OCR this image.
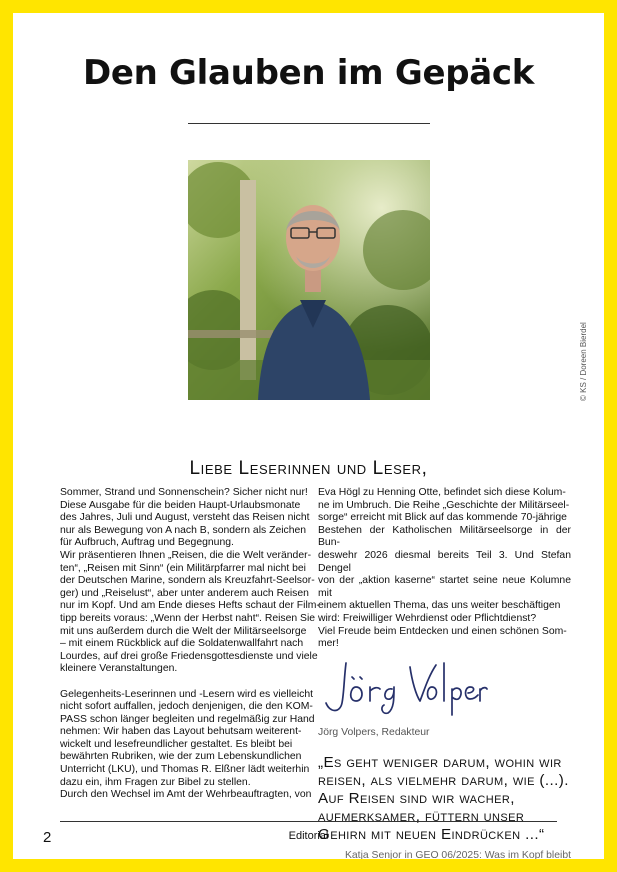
Den Glauben im Gepäck
© KS / Doreen Bierdel
Liebe Leserinnen und Leser,

Sommer, Strand und Sonnenschein? Sicher nicht nur!
Diese Ausgabe für die beiden Haupt-Urlaubsmonate
des Jahres, Juli und August, versteht das Reisen nicht
nur als Bewegung von A nach B, sondern als Zeichen
für Aufbruch, Auftrag und Begegnung.

Wir präsentieren Ihnen „Reisen, die die Welt veränder-
ten“, „Reisen mit Sinn“ (ein Militärpfarrer mal nicht bei
der Deutschen Marine, sondern als Kreuzfahrt-Seelsor-
ger) und „Reiselust“, aber unter anderem auch Reisen
nur im Kopf. Und am Ende dieses Hefts schaut der Film-
tipp bereits voraus: „Wenn der Herbst naht“. Reisen Sie
mit uns außerdem durch die Welt der Militärseelsorge
– mit einem Rückblick auf die Soldatenwallfahrt nach
Lourdes, auf drei große Friedensgottesdienste und viele
kleinere Veranstaltungen.

Gelegenheits-Leserinnen und -Lesern wird es vielleicht
nicht sofort auffallen, jedoch denjenigen, die den KOM-
PASS schon länger begleiten und regelmäßig zur Hand
nehmen: Wir haben das Layout behutsam weiterent-
wickelt und lesefreundlicher gestaltet. Es bleibt bei
bewährten Rubriken, wie der zum Lebenskundlichen
Unterricht (LKU), und Thomas R. Elßner lädt weiterhin
dazu ein, ihm Fragen zur Bibel zu stellen.

Durch den Wechsel im Amt der Wehrbeauftragten, von

Eva Högl zu Henning Otte, befindet sich diese Kolum-
ne im Umbruch. Die Reihe „Geschichte der Militärseel-
sorge“ erreicht mit Blick auf das kommende 70-jährige
Bestehen der Katholischen Militärseelsorge in der Bun-
deswehr 2026 diesmal bereits Teil 3. Und Stefan Dengel
von der „aktion kaserne“ startet seine neue Kolumne mit
einem aktuellen Thema, das uns weiter beschäftigen
wird: Freiwilliger Wehrdienst oder Pflichtdienst?

Viel Freude beim Entdecken und einen schönen Som-
mer!

Jörg Volpers, Redakteur
„Es geht weniger darum, wohin wir
reisen, als vielmehr darum, wie (...).
Auf Reisen sind wir wacher,
aufmerksamer, füttern unser
Gehirn mit neuen Eindrücken ...“
Katja Senjor in GEO 06/2025: Was im Kopf bleibt
2	Editorial
